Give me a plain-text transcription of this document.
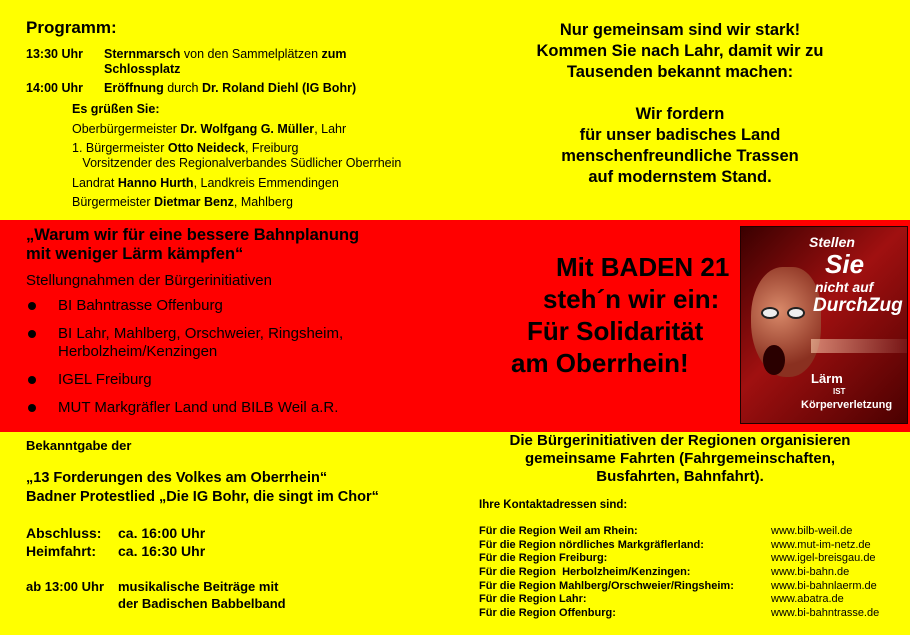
Programm:
13:30 Uhr Sternmarsch von den Sammelplätzen zum Schlossplatz
14:00 Uhr Eröffnung durch Dr. Roland Diehl (IG Bohr)
Es grüßen Sie:
Oberbürgermeister Dr. Wolfgang G. Müller, Lahr
1. Bürgermeister Otto Neideck, Freiburg
Vorsitzender des Regionalverbandes Südlicher Oberrhein
Landrat Hanno Hurth, Landkreis Emmendingen
Bürgermeister Dietmar Benz, Mahlberg
Nur gemeinsam sind wir stark!
Kommen Sie nach Lahr, damit wir zu
Tausenden bekannt machen:
Wir fordern
für unser badisches Land
menschenfreundliche Trassen
auf modernstem Stand.
„Warum wir für eine bessere Bahnplanung
mit weniger Lärm kämpfen“
Stellungnahmen der Bürgerinitiativen
BI Bahntrasse Offenburg
BI Lahr, Mahlberg, Orschweier, Ringsheim, Herbolzheim/Kenzingen
IGEL Freiburg
MUT Markgräfler Land und BILB Weil a.R.
Mit BADEN 21
steh´n wir ein:
Für Solidarität
am Oberrhein!
Stellen
Sie
nicht auf
DurchZug
Lärm
IST
Körperverletzung
Bekanntgabe der
„13 Forderungen des Volkes am Oberrhein“
Badner Protestlied „Die IG Bohr, die singt im Chor“
Abschluss: ca. 16:00 Uhr
Heimfahrt: ca. 16:30 Uhr
ab 13:00 Uhr musikalische Beiträge mit
der Badischen Babbelband
Die Bürgerinitiativen der Regionen organisieren
gemeinsame Fahrten (Fahrgemeinschaften,
Busfahrten, Bahnfahrt).
Ihre Kontaktadressen sind:
Für die Region Weil am Rhein:	www.bilb-weil.de
Für die Region nördliches Markgräflerland:	www.mut-im-netz.de
Für die Region Freiburg:	www.igel-breisgau.de
Für die Region  Herbolzheim/Kenzingen:	www.bi-bahn.de
Für die Region Mahlberg/Orschweier/Ringsheim:	www.bi-bahnlaerm.de
Für die Region Lahr:	www.abatra.de
Für die Region Offenburg:	www.bi-bahntrasse.de
